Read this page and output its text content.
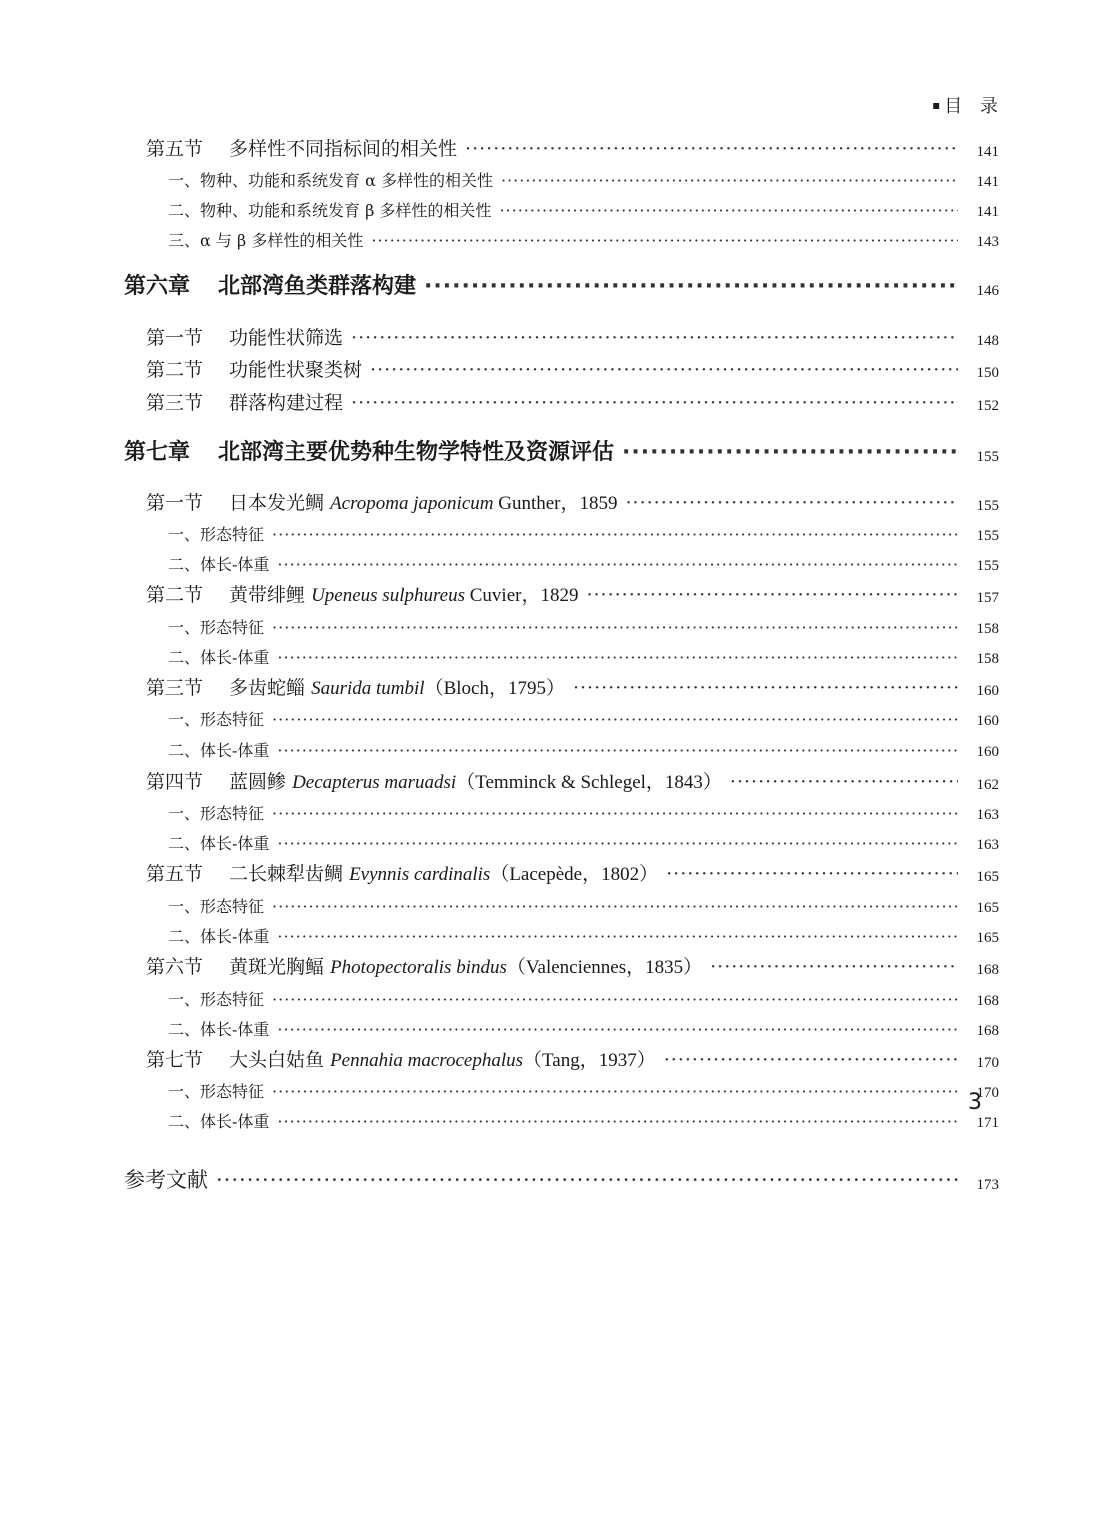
▪目 录
第五节 多样性不同指标间的相关性 ·····	141
一、物种、功能和系统发育 α 多样性的相关性 ·····	141
二、物种、功能和系统发育 β 多样性的相关性 ·····	141
三、α 与 β 多样性的相关性 ·····	143
第六章 北部湾鱼类群落构建 ·····	146
第一节 功能性状筛选 ·····	148
第二节 功能性状聚类树 ·····	150
第三节 群落构建过程 ·····	152
第七章 北部湾主要优势种生物学特性及资源评估 ·····	155
第一节 日本发光鲷 Acropoma japonicum Gunther，1859 ·····	155
一、形态特征 ·····	155
二、体长-体重 ·····	155
第二节 黄带绯鲤 Upeneus sulphureus Cuvier，1829 ·····	157
一、形态特征 ·····	158
二、体长-体重 ·····	158
第三节 多齿蛇鲻 Saurida tumbil（Bloch，1795） ·····	160
一、形态特征 ·····	160
二、体长-体重 ·····	160
第四节 蓝圆鲹 Decapterus maruadsi（Temminck & Schlegel，1843） ·····	162
一、形态特征 ·····	163
二、体长-体重 ·····	163
第五节 二长棘犁齿鲷 Evynnis cardinalis（Lacepède，1802） ·····	165
一、形态特征 ·····	165
二、体长-体重 ·····	165
第六节 黄斑光胸鲾 Photopectoralis bindus（Valenciennes，1835） ·····	168
一、形态特征 ·····	168
二、体长-体重 ·····	168
第七节 大头白姑鱼 Pennahia macrocephalus（Tang，1937） ·····	170
一、形态特征 ·····	170
二、体长-体重 ·····	171
参考文献 ·····	173
3
